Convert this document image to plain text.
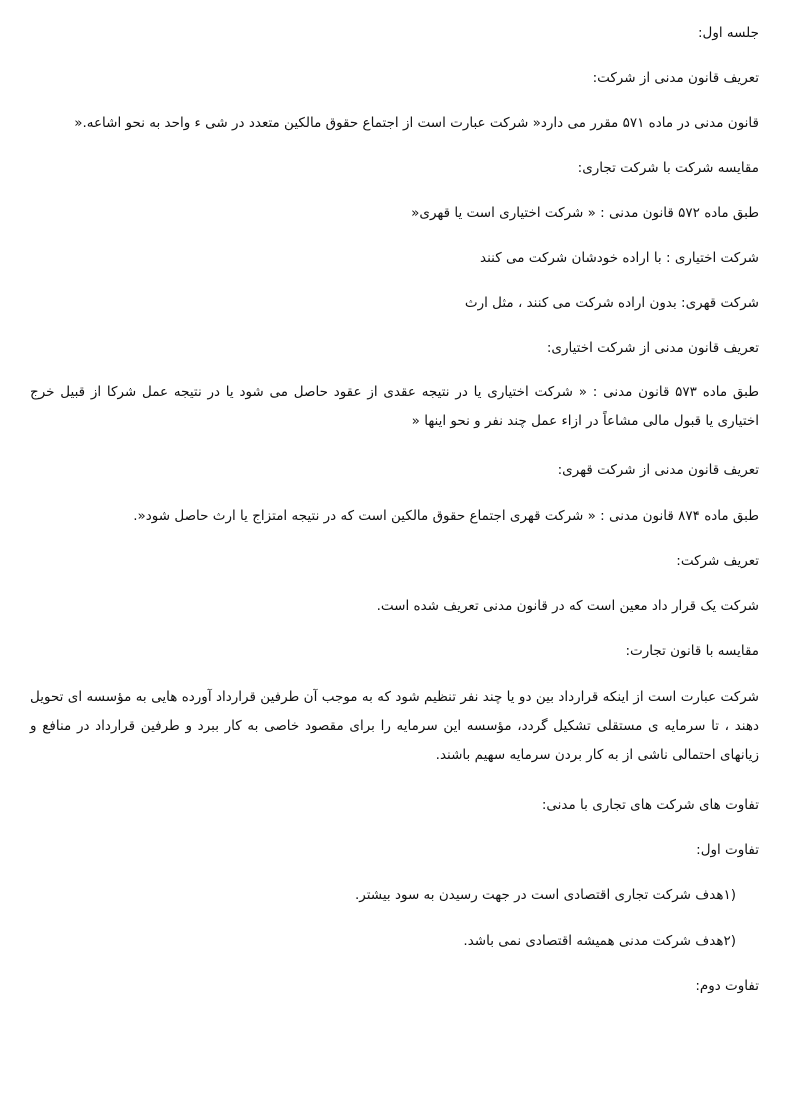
جلسه اول:
تعریف قانون مدنی از شرکت:
قانون مدنی در ماده ۵۷۱ مقرر می دارد« شرکت عبارت است از اجتماع حقوق مالکین متعدد در شی ء واحد به نحو اشاعه.«
مقایسه شرکت با شرکت تجاری:
طبق ماده ۵۷۲ قانون مدنی : « شرکت اختیاری است یا قهری«
شرکت اختیاری : با اراده خودشان شرکت می کنند
شرکت قهری: بدون اراده شرکت می کنند ، مثل ارث
تعریف قانون مدنی از شرکت اختیاری:
طبق ماده ۵۷۳ قانون مدنی : « شرکت اختیاری یا در نتیجه عقدی از عقود حاصل می شود یا در نتیجه عمل شرکا از قبیل خرج اختیاری یا قبول مالی مشاعاً در ازاء عمل چند نفر و نحو اینها «
تعریف قانون مدنی از شرکت قهری:
طبق ماده ۸۷۴ قانون مدنی : « شرکت قهری اجتماع حقوق مالکین است که در نتیجه امتزاج یا ارث حاصل شود«.
تعریف شرکت:
شرکت یک قرار داد معین است که در قانون مدنی تعریف شده است.
مقایسه با قانون تجارت:
شرکت عبارت است از اینکه قرارداد بین دو یا چند نفر تنظیم شود که به موجب آن طرفین قرارداد آورده هایی به مؤسسه ای تحویل دهند ، تا سرمایه ی مستقلی تشکیل گردد، مؤسسه این سرمایه را برای مقصود خاصی به کار ببرد و طرفین قرارداد در منافع و زیانهای احتمالی ناشی از به کار بردن سرمایه سهیم باشند.
تفاوت های شرکت های تجاری با مدنی:
تفاوت اول:
(۱هدف شرکت تجاری اقتصادی است در جهت رسیدن به سود بیشتر.
(۲هدف شرکت مدنی همیشه اقتصادی نمی باشد.
تفاوت دوم:
